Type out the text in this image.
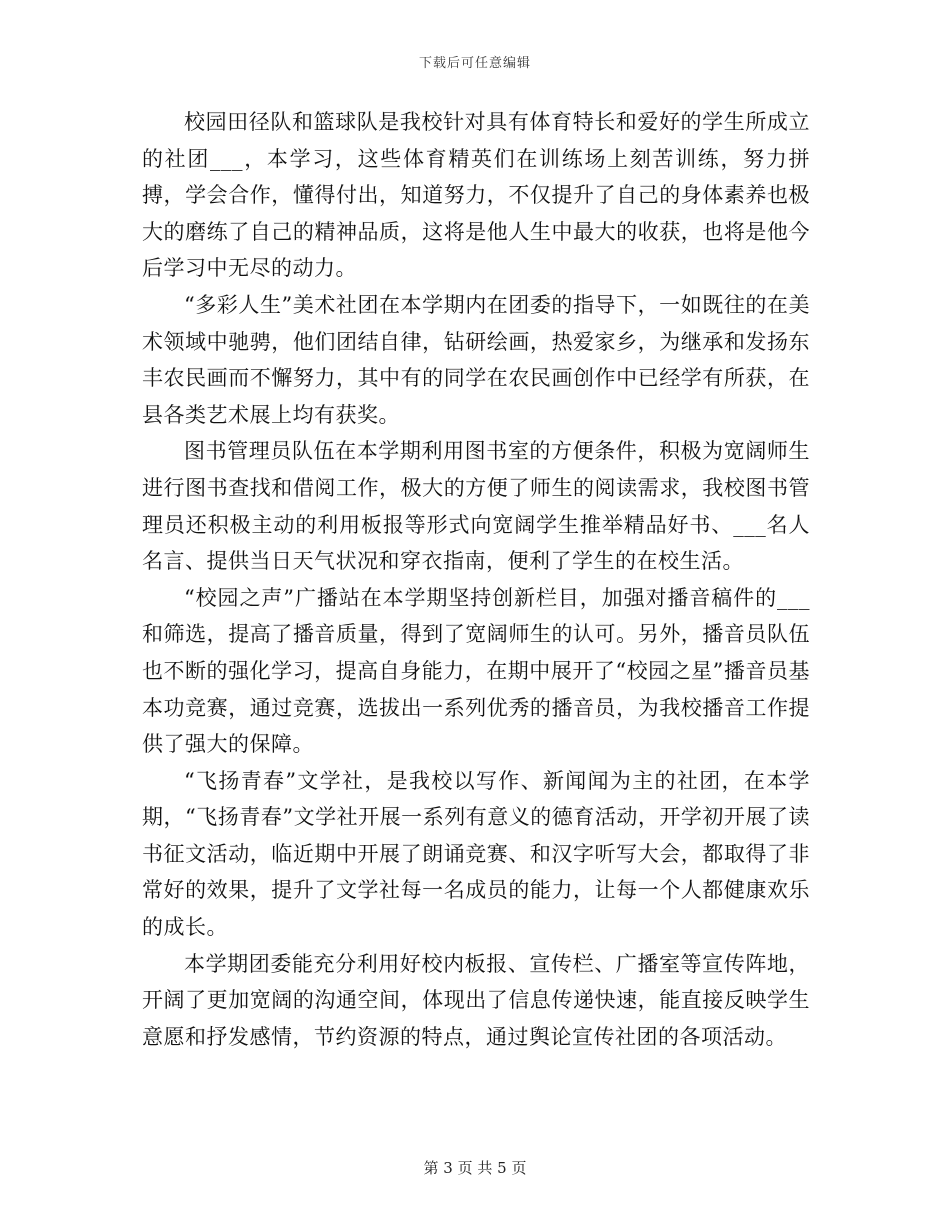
下载后可任意编辑

校园田径队和篮球队是我校针对具有体育特长和爱好的学生所成立的社团___，本学习，这些体育精英们在训练场上刻苦训练，努力拼搏，学会合作，懂得付出，知道努力，不仅提升了自己的身体素养也极大的磨练了自己的精神品质，这将是他人生中最大的收获，也将是他今后学习中无尽的动力。

“多彩人生”美术社团在本学期内在团委的指导下，一如既往的在美术领域中驰骋，他们团结自律，钻研绘画，热爱家乡，为继承和发扬东丰农民画而不懈努力，其中有的同学在农民画创作中已经学有所获，在县各类艺术展上均有获奖。

图书管理员队伍在本学期利用图书室的方便条件，积极为宽阔师生进行图书查找和借阅工作，极大的方便了师生的阅读需求，我校图书管理员还积极主动的利用板报等形式向宽阔学生推举精品好书、___名人名言、提供当日天气状况和穿衣指南，便利了学生的在校生活。

“校园之声”广播站在本学期坚持创新栏目，加强对播音稿件的___和筛选，提高了播音质量，得到了宽阔师生的认可。另外，播音员队伍也不断的强化学习，提高自身能力，在期中展开了“校园之星”播音员基本功竞赛，通过竞赛，选拔出一系列优秀的播音员，为我校播音工作提供了强大的保障。

“飞扬青春”文学社，是我校以写作、新闻闻为主的社团，在本学期，“飞扬青春”文学社开展一系列有意义的德育活动，开学初开展了读书征文活动，临近期中开展了朗诵竞赛、和汉字听写大会，都取得了非常好的效果，提升了文学社每一名成员的能力，让每一个人都健康欢乐的成长。

本学期团委能充分利用好校内板报、宣传栏、广播室等宣传阵地，开阔了更加宽阔的沟通空间，体现出了信息传递快速，能直接反映学生意愿和抒发感情，节约资源的特点，通过舆论宣传社团的各项活动。

第 3 页 共 5 页
